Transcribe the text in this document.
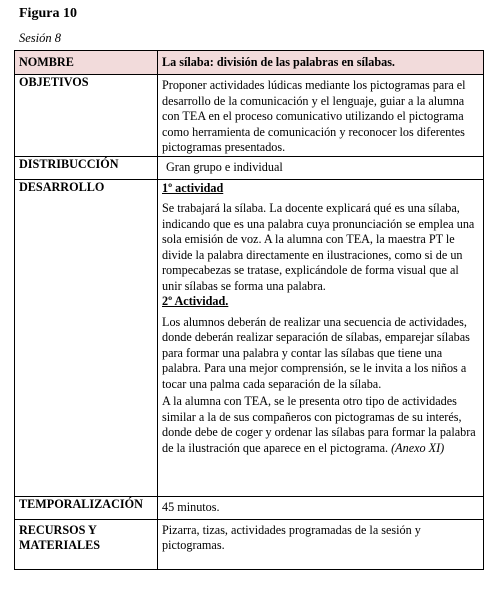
Figura 10
Sesión 8
NOMBRE	La sílaba: división de las palabras en sílabas.
OBJETIVOS	Proponer actividades lúdicas mediante los pictogramas para el desarrollo de la comunicación y el lenguaje, guiar a la alumna con TEA en el proceso comunicativo utilizando el pictograma como herramienta de comunicación y reconocer los diferentes pictogramas presentados.
DISTRIBUCCIÓN	Gran grupo e individual
DESARROLLO	1º actividad
Se trabajará la sílaba. La docente explicará qué es una sílaba, indicando que es una palabra cuya pronunciación se emplea una sola emisión de voz. A la alumna con TEA, la maestra PT le divide la palabra directamente en ilustraciones, como si de un rompecabezas se tratase, explicándole de forma visual que al unir sílabas se forma una palabra.
2º Actividad.
Los alumnos deberán de realizar una secuencia de actividades, donde deberán realizar separación de sílabas, emparejar sílabas para formar una palabra y contar las sílabas que tiene una palabra. Para una mejor comprensión, se le invita a los niños a tocar una palma cada separación de la sílaba.
A la alumna con TEA, se le presenta otro tipo de actividades similar a la de sus compañeros con pictogramas de su interés, donde debe de coger y ordenar las sílabas para formar la palabra de la ilustración que aparece en el pictograma. (Anexo XI)

TEMPORALIZACIÓN	45 minutos.
RECURSOS Y MATERIALES	Pizarra, tizas, actividades programadas de la sesión y pictogramas.
